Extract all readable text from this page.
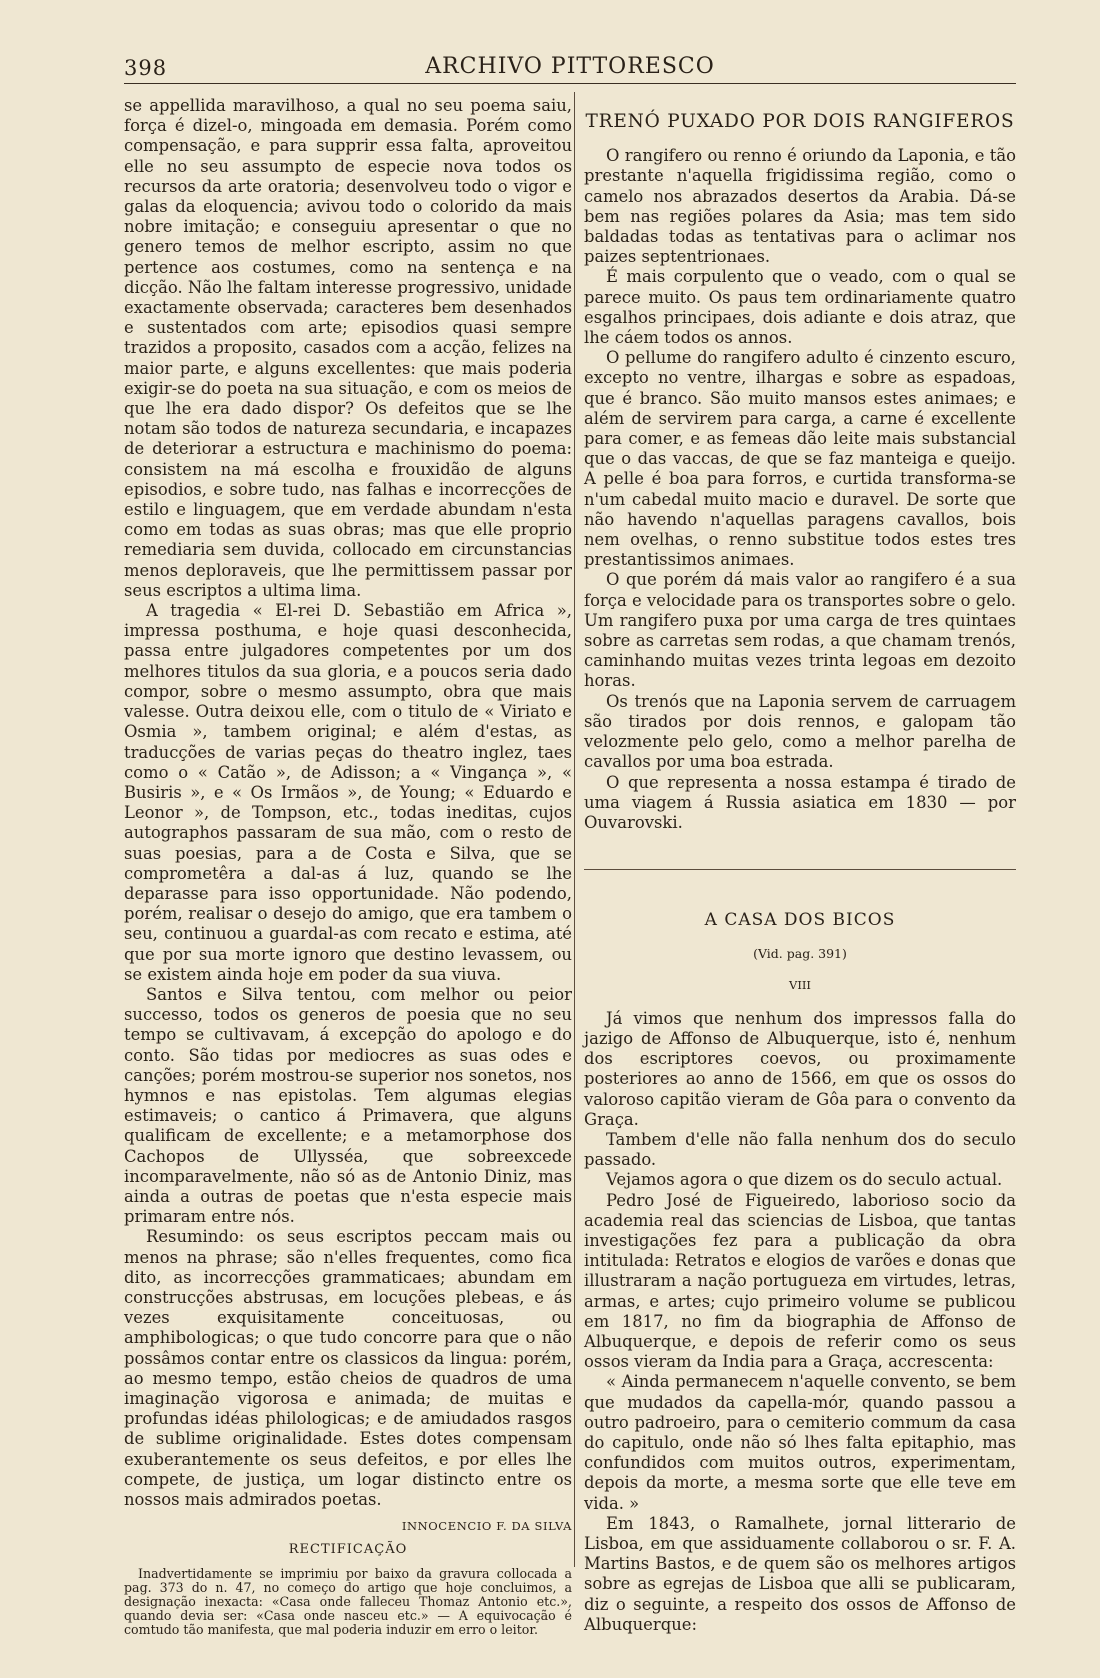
398	ARCHIVO PITTORESCO

se appellida maravilhoso, a qual no seu poema saiu, força é dizel-o, mingoada em demasia. Porém como compensação, e para supprir essa falta, aproveitou elle no seu assumpto de especie nova todos os recursos da arte oratoria; desenvolveu todo o vigor e galas da eloquencia; avivou todo o colorido da mais nobre imitação; e conseguiu apresentar o que no genero temos de melhor escripto, assim no que pertence aos costumes, como na sentença e na dicção. Não lhe faltam interesse progressivo, unidade exactamente observada; caracteres bem desenhados e sustentados com arte; episodios quasi sempre trazidos a proposito, casados com a acção, felizes na maior parte, e alguns excellentes: que mais poderia exigir-se do poeta na sua situação, e com os meios de que lhe era dado dispor? Os defeitos que se lhe notam são todos de natureza secundaria, e incapazes de deteriorar a estructura e machinismo do poema: consistem na má escolha e frouxidão de alguns episodios, e sobre tudo, nas falhas e incorrecções de estilo e linguagem, que em verdade abundam n'esta como em todas as suas obras; mas que elle proprio remediaria sem duvida, collocado em circunstancias menos deploraveis, que lhe permittissem passar por seus escriptos a ultima lima.

A tragedia « El-rei D. Sebastião em Africa », impressa posthuma, e hoje quasi desconhecida, passa entre julgadores competentes por um dos melhores titulos da sua gloria, e a poucos seria dado compor, sobre o mesmo assumpto, obra que mais valesse. Outra deixou elle, com o titulo de « Viriato e Osmia », tambem original; e além d'estas, as traducções de varias peças do theatro inglez, taes como o « Catão », de Adisson; a « Vingança », « Busiris », e « Os Irmãos », de Young; « Eduardo e Leonor », de Tompson, etc., todas ineditas, cujos autographos passaram de sua mão, com o resto de suas poesias, para a de Costa e Silva, que se comprometêra a dal-as á luz, quando se lhe deparasse para isso opportunidade. Não podendo, porém, realisar o desejo do amigo, que era tambem o seu, continuou a guardal-as com recato e estima, até que por sua morte ignoro que destino levassem, ou se existem ainda hoje em poder da sua viuva.

Santos e Silva tentou, com melhor ou peior successo, todos os generos de poesia que no seu tempo se cultivavam, á excepção do apologo e do conto. São tidas por mediocres as suas odes e canções; porém mostrou-se superior nos sonetos, nos hymnos e nas epistolas. Tem algumas elegias estimaveis; o cantico á Primavera, que alguns qualificam de excellente; e a metamorphose dos Cachopos de Ullysséa, que sobreexcede incomparavelmente, não só as de Antonio Diniz, mas ainda a outras de poetas que n'esta especie mais primaram entre nós.

Resumindo: os seus escriptos peccam mais ou menos na phrase; são n'elles frequentes, como fica dito, as incorrecções grammaticaes; abundam em construcções abstrusas, em locuções plebeas, e ás vezes exquisitamente conceituosas, ou amphibologicas; o que tudo concorre para que o não possâmos contar entre os classicos da lingua: porém, ao mesmo tempo, estão cheios de quadros de uma imaginação vigorosa e animada; de muitas e profundas idéas philologicas; e de amiudados rasgos de sublime originalidade. Estes dotes compensam exuberantemente os seus defeitos, e por elles lhe compete, de justiça, um logar distincto entre os nossos mais admirados poetas.

INNOCENCIO F. DA SILVA
RECTIFICAÇÃO

Inadvertidamente se imprimiu por baixo da gravura collocada a pag. 373 do n. 47, no começo do artigo que hoje concluimos, a designação inexacta: «Casa onde falleceu Thomaz Antonio etc.», quando devia ser: «Casa onde nasceu etc.» — A equivocação é comtudo tão manifesta, que mal poderia induzir em erro o leitor.

TRENÓ PUXADO POR DOIS RANGIFEROS

O rangifero ou renno é oriundo da Laponia, e tão prestante n'aquella frigidissima região, como o camelo nos abrazados desertos da Arabia. Dá-se bem nas regiões polares da Asia; mas tem sido baldadas todas as tentativas para o aclimar nos paizes septentrionaes.

É mais corpulento que o veado, com o qual se parece muito. Os paus tem ordinariamente quatro esgalhos principaes, dois adiante e dois atraz, que lhe cáem todos os annos.

O pellume do rangifero adulto é cinzento escuro, excepto no ventre, ilhargas e sobre as espadoas, que é branco. São muito mansos estes animaes; e além de servirem para carga, a carne é excellente para comer, e as femeas dão leite mais substancial que o das vaccas, de que se faz manteiga e queijo. A pelle é boa para forros, e curtida transforma-se n'um cabedal muito macio e duravel. De sorte que não havendo n'aquellas paragens cavallos, bois nem ovelhas, o renno substitue todos estes tres prestantissimos animaes.

O que porém dá mais valor ao rangifero é a sua força e velocidade para os transportes sobre o gelo. Um rangifero puxa por uma carga de tres quintaes sobre as carretas sem rodas, a que chamam trenós, caminhando muitas vezes trinta legoas em dezoito horas.

Os trenós que na Laponia servem de carruagem são tirados por dois rennos, e galopam tão velozmente pelo gelo, como a melhor parelha de cavallos por uma boa estrada.

O que representa a nossa estampa é tirado de uma viagem á Russia asiatica em 1830 — por Ouvarovski.

A CASA DOS BICOS
(Vid. pag. 391)
VIII

Já vimos que nenhum dos impressos falla do jazigo de Affonso de Albuquerque, isto é, nenhum dos escriptores coevos, ou proximamente posteriores ao anno de 1566, em que os ossos do valoroso capitão vieram de Gôa para o convento da Graça.

Tambem d'elle não falla nenhum dos do seculo passado.

Vejamos agora o que dizem os do seculo actual.

Pedro José de Figueiredo, laborioso socio da academia real das sciencias de Lisboa, que tantas investigações fez para a publicação da obra intitulada: Retratos e elogios de varões e donas que illustraram a nação portugueza em virtudes, letras, armas, e artes; cujo primeiro volume se publicou em 1817, no fim da biographia de Affonso de Albuquerque, e depois de referir como os seus ossos vieram da India para a Graça, accrescenta:

« Ainda permanecem n'aquelle convento, se bem que mudados da capella-mór, quando passou a outro padroeiro, para o cemiterio commum da casa do capitulo, onde não só lhes falta epitaphio, mas confundidos com muitos outros, experimentam, depois da morte, a mesma sorte que elle teve em vida. »

Em 1843, o Ramalhete, jornal litterario de Lisboa, em que assiduamente collaborou o sr. F. A. Martins Bastos, e de quem são os melhores artigos sobre as egrejas de Lisboa que alli se publicaram, diz o seguinte, a respeito dos ossos de Affonso de Albuquerque:
